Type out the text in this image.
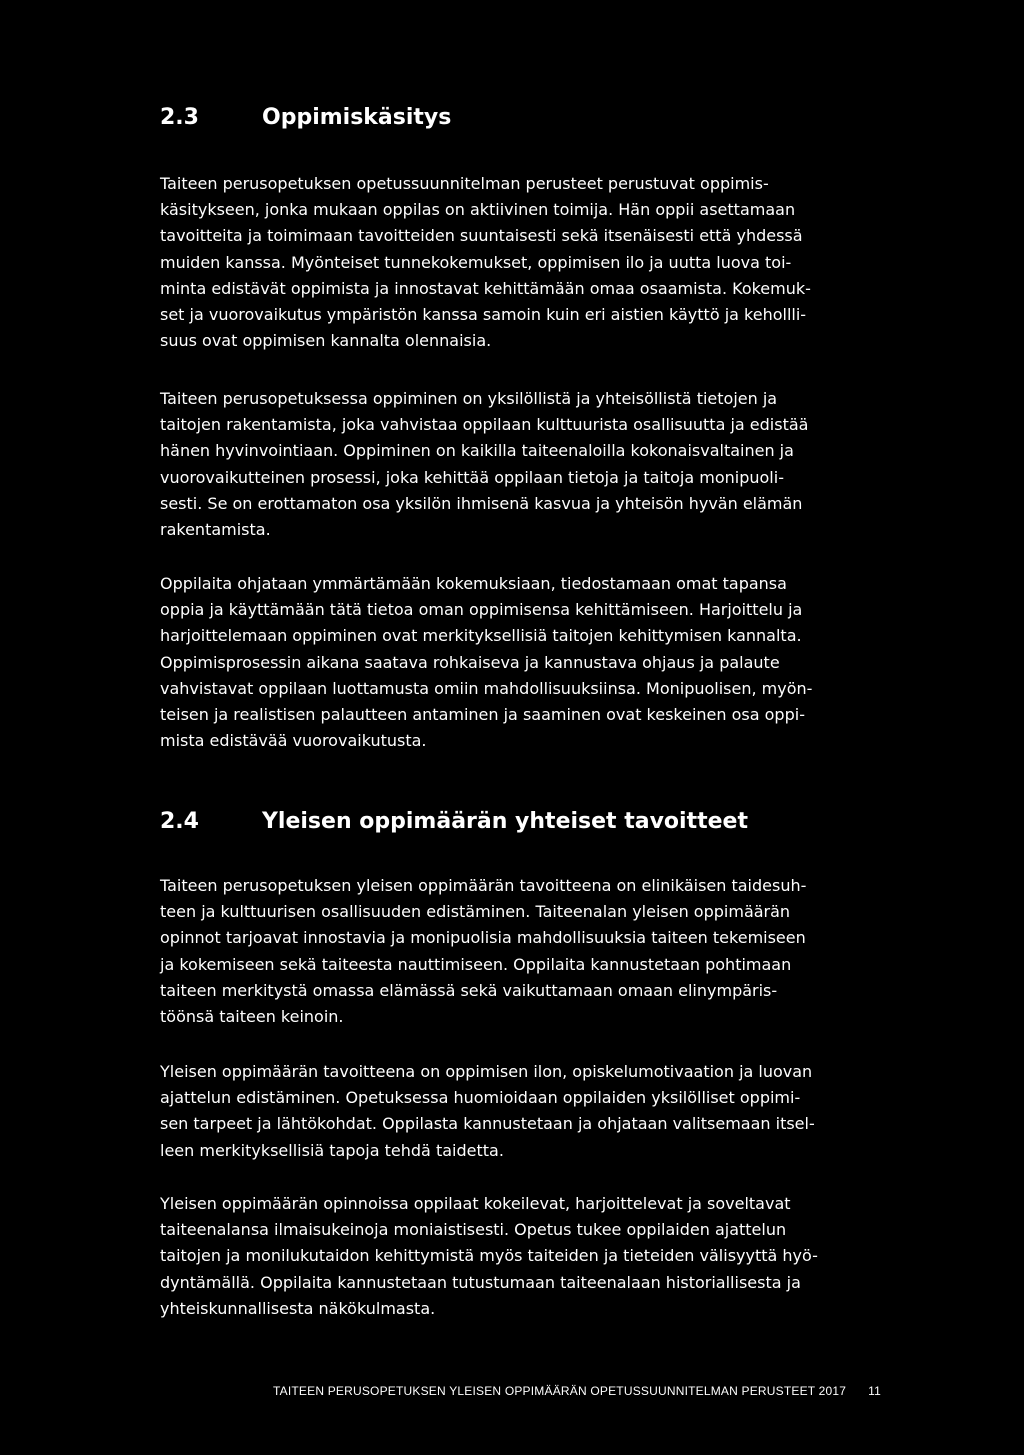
2.3	Oppimiskäsitys

Taiteen perusopetuksen opetussuunnitelman perusteet perustuvat oppimis-
käsitykseen, jonka mukaan oppilas on aktiivinen toimija. Hän oppii asettamaan
tavoitteita ja toimimaan tavoitteiden suuntaisesti sekä itsenäisesti että yhdessä
muiden kanssa. Myönteiset tunnekokemukset, oppimisen ilo ja uutta luova toi-
minta edistävät oppimista ja innostavat kehittämään omaa osaamista. Kokemuk-
set ja vuorovaikutus ympäristön kanssa samoin kuin eri aistien käyttö ja kehollli-
suus ovat oppimisen kannalta olennaisia.

Taiteen perusopetuksessa oppiminen on yksilöllistä ja yhteisöllistä tietojen ja
taitojen rakentamista, joka vahvistaa oppilaan kulttuurista osallisuutta ja edistää
hänen hyvinvointiaan. Oppiminen on kaikilla taiteenaloilla kokonaisvaltainen ja
vuorovaikutteinen prosessi, joka kehittää oppilaan tietoja ja taitoja monipuoli-
sesti. Se on erottamaton osa yksilön ihmisenä kasvua ja yhteisön hyvän elämän
rakentamista.

Oppilaita ohjataan ymmärtämään kokemuksiaan, tiedostamaan omat tapansa
oppia ja käyttämään tätä tietoa oman oppimisensa kehittämiseen. Harjoittelu ja
harjoittelemaan oppiminen ovat merkityksellisiä taitojen kehittymisen kannalta.
Oppimisprosessin aikana saatava rohkaiseva ja kannustava ohjaus ja palaute
vahvistavat oppilaan luottamusta omiin mahdollisuuksiinsa. Monipuolisen, myön-
teisen ja realistisen palautteen antaminen ja saaminen ovat keskeinen osa oppi-
mista edistävää vuorovaikutusta.

2.4	Yleisen oppimäärän yhteiset tavoitteet

Taiteen perusopetuksen yleisen oppimäärän tavoitteena on elinikäisen taidesuh-
teen ja kulttuurisen osallisuuden edistäminen. Taiteenalan yleisen oppimäärän
opinnot tarjoavat innostavia ja monipuolisia mahdollisuuksia taiteen tekemiseen
ja kokemiseen sekä taiteesta nauttimiseen. Oppilaita kannustetaan pohtimaan
taiteen merkitystä omassa elämässä sekä vaikuttamaan omaan elinympäris-
töönsä taiteen keinoin.

Yleisen oppimäärän tavoitteena on oppimisen ilon, opiskelumotivaation ja luovan
ajattelun edistäminen. Opetuksessa huomioidaan oppilaiden yksilölliset oppimi-
sen tarpeet ja lähtökohdat. Oppilasta kannustetaan ja ohjataan valitsemaan itsel-
leen merkityksellisiä tapoja tehdä taidetta.

Yleisen oppimäärän opinnoissa oppilaat kokeilevat, harjoittelevat ja soveltavat
taiteenalansa ilmaisukeinoja moniaistisesti. Opetus tukee oppilaiden ajattelun
taitojen ja monilukutaidon kehittymistä myös taiteiden ja tieteiden välisyyttä hyö-
dyntämällä. Oppilaita kannustetaan tutustumaan taiteenalaan historiallisesta ja
yhteiskunnallisesta näkökulmasta.

TAITEEN PERUSOPETUKSEN YLEISEN OPPIMÄÄRÄN OPETUSSUUNNITELMAN PERUSTEET 2017 11
